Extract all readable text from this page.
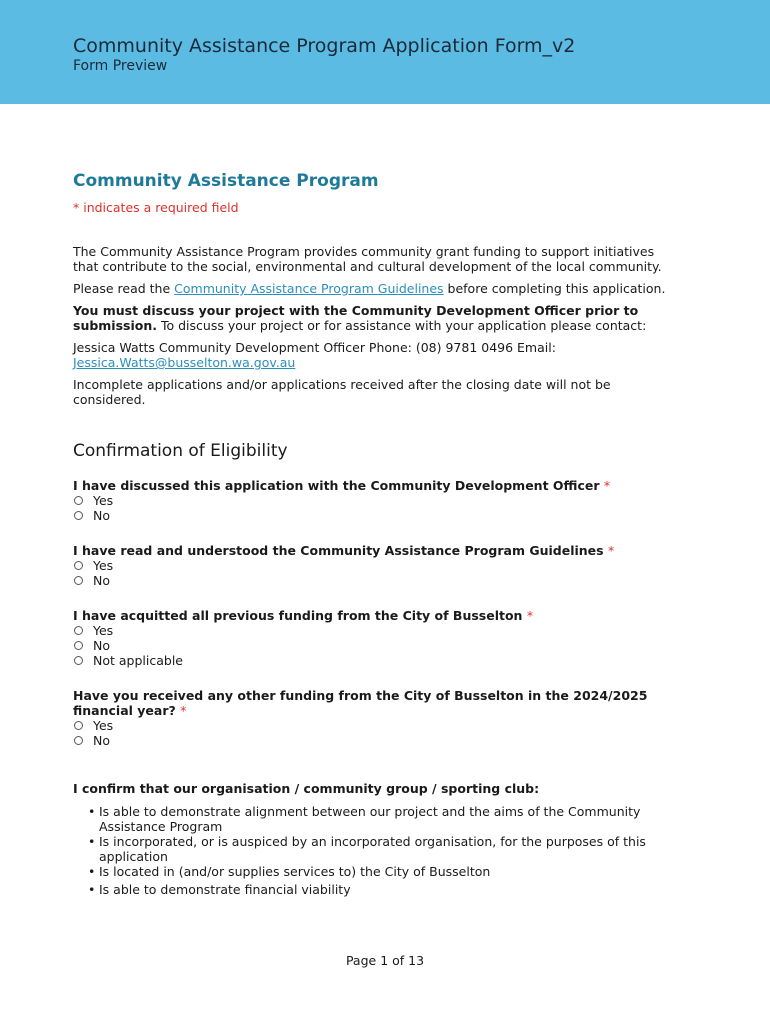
Community Assistance Program Application Form_v2
Form Preview
Community Assistance Program
* indicates a required field

The Community Assistance Program provides community grant funding to support initiatives that contribute to the social, environmental and cultural development of the local community.

Please read the Community Assistance Program Guidelines before completing this application.

You must discuss your project with the Community Development Officer prior to submission. To discuss your project or for assistance with your application please contact:

Jessica Watts Community Development Officer Phone: (08) 9781 0496 Email: Jessica.Watts@busselton.wa.gov.au

Incomplete applications and/or applications received after the closing date will not be considered.

Confirmation of Eligibility
I have discussed this application with the Community Development Officer *
Yes
No
I have read and understood the Community Assistance Program Guidelines *
Yes
No
I have acquitted all previous funding from the City of Busselton *
Yes
No
Not applicable
Have you received any other funding from the City of Busselton in the 2024/2025 financial year? *
Yes
No
I confirm that our organisation / community group / sporting club:
• Is able to demonstrate alignment between our project and the aims of the Community Assistance Program
• Is incorporated, or is auspiced by an incorporated organisation, for the purposes of this application
• Is located in (and/or supplies services to) the City of Busselton
• Is able to demonstrate financial viability
Page 1 of 13
